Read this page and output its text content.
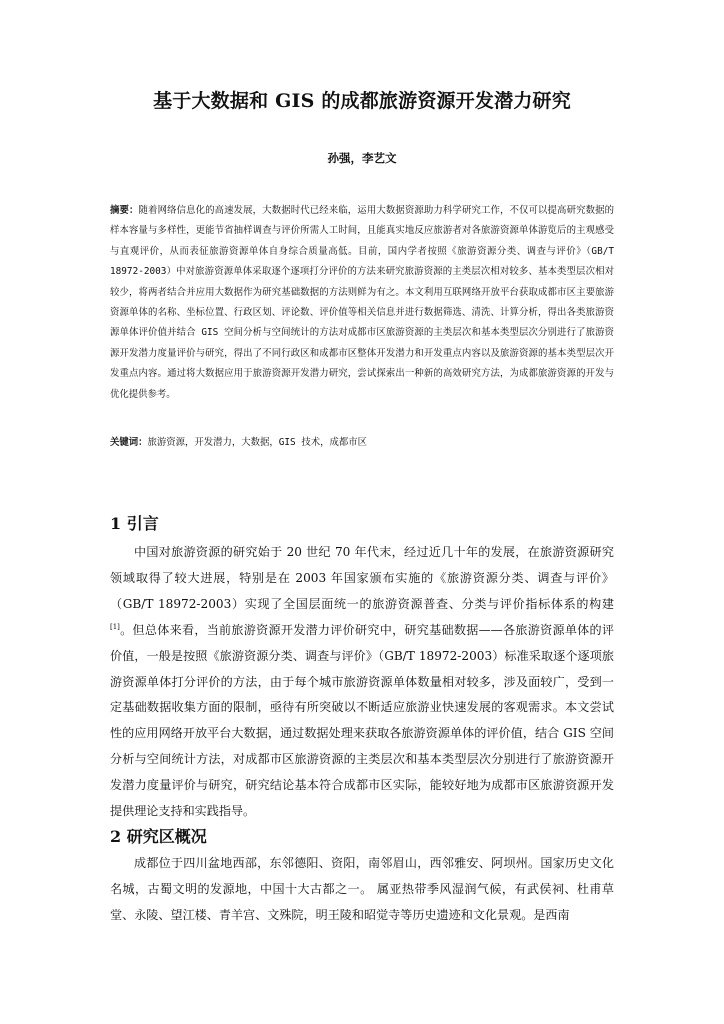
基于大数据和 GIS 的成都旅游资源开发潜力研究
孙强，李艺文
摘要：随着网络信息化的高速发展，大数据时代已经来临，运用大数据资源助力科学研究工作，不仅可以提高研究数据的样本容量与多样性，更能节省抽样调查与评价所需人工时间，且能真实地反应旅游者对各旅游资源单体游览后的主观感受与直观评价，从而表征旅游资源单体自身综合质量高低。目前，国内学者按照《旅游资源分类、调查与评价》（GB/T 18972-2003）中对旅游资源单体采取逐个逐项打分评价的方法来研究旅游资源的主类层次相对较多、基本类型层次相对较少，将两者结合并应用大数据作为研究基础数据的方法则鲜为有之。本文利用互联网络开放平台获取成都市区主要旅游资源单体的名称、坐标位置、行政区划、评论数、评价值等相关信息并进行数据筛选、清洗、计算分析，得出各类旅游资源单体评价值并结合 GIS 空间分析与空间统计的方法对成都市区旅游资源的主类层次和基本类型层次分别进行了旅游资源开发潜力度量评价与研究，得出了不同行政区和成都市区整体开发潜力和开发重点内容以及旅游资源的基本类型层次开发重点内容。通过将大数据应用于旅游资源开发潜力研究，尝试探索出一种新的高效研究方法，为成都旅游资源的开发与优化提供参考。
关键词：旅游资源，开发潜力，大数据，GIS 技术，成都市区
1 引言

中国对旅游资源的研究始于 20 世纪 70 年代末，经过近几十年的发展，在旅游资源研究领域取得了较大进展，特别是在 2003 年国家颁布实施的《旅游资源分类、调查与评价》（GB/T 18972-2003）实现了全国层面统一的旅游资源普查、分类与评价指标体系的构建[1]。但总体来看，当前旅游资源开发潜力评价研究中，研究基础数据——各旅游资源单体的评价值，一般是按照《旅游资源分类、调查与评价》（GB/T 18972-2003）标准采取逐个逐项旅游资源单体打分评价的方法，由于每个城市旅游资源单体数量相对较多，涉及面较广，受到一定基础数据收集方面的限制，亟待有所突破以不断适应旅游业快速发展的客观需求。本文尝试性的应用网络开放平台大数据，通过数据处理来获取各旅游资源单体的评价值，结合 GIS 空间分析与空间统计方法，对成都市区旅游资源的主类层次和基本类型层次分别进行了旅游资源开发潜力度量评价与研究，研究结论基本符合成都市区实际，能较好地为成都市区旅游资源开发提供理论支持和实践指导。

2 研究区概况

成都位于四川盆地西部，东邻德阳、资阳，南邻眉山，西邻雅安、阿坝州。国家历史文化名城，古蜀文明的发源地，中国十大古都之一。 属亚热带季风湿润气候，有武侯祠、杜甫草堂、永陵、望江楼、青羊宫、文殊院，明王陵和昭觉寺等历史遗迹和文化景观。是西南
